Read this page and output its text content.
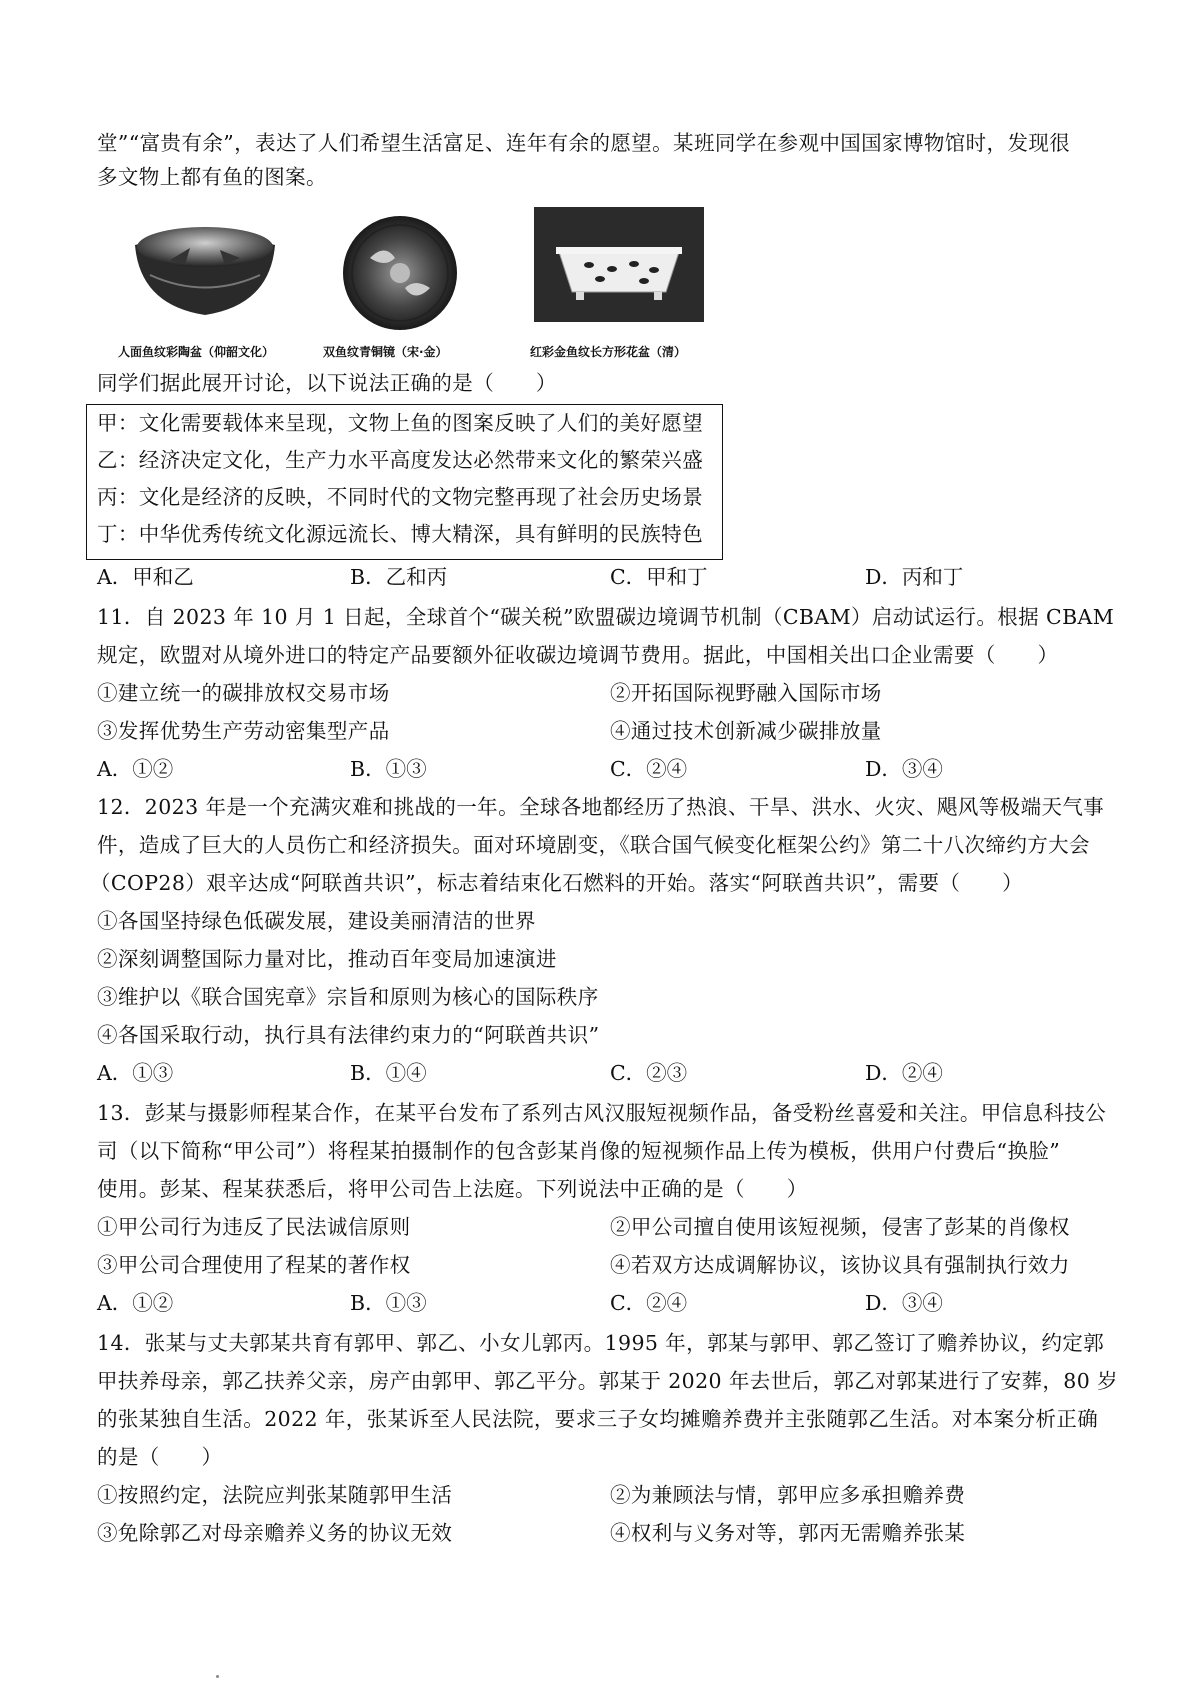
堂”“富贵有余”，表达了人们希望生活富足、连年有余的愿望。某班同学在参观中国国家博物馆时，发现很
多文物上都有鱼的图案。
人面鱼纹彩陶盆（仰韶文化）	双鱼纹青铜镜（宋·金）	红彩金鱼纹长方形花盆（清）
同学们据此展开讨论，以下说法正确的是（　　）
甲：文化需要载体来呈现，文物上鱼的图案反映了人们的美好愿望
乙：经济决定文化，生产力水平高度发达必然带来文化的繁荣兴盛
丙：文化是经济的反映，不同时代的文物完整再现了社会历史场景
丁：中华优秀传统文化源远流长、博大精深，具有鲜明的民族特色
A．甲和乙	B．乙和丙	C．甲和丁	D．丙和丁
11．自 2023 年 10 月 1 日起，全球首个“碳关税”欧盟碳边境调节机制（CBAM）启动试运行。根据 CBAM
规定，欧盟对从境外进口的特定产品要额外征收碳边境调节费用。据此，中国相关出口企业需要（　　）
①建立统一的碳排放权交易市场	②开拓国际视野融入国际市场
③发挥优势生产劳动密集型产品	④通过技术创新减少碳排放量
A．①②	B．①③	C．②④	D．③④
12．2023 年是一个充满灾难和挑战的一年。全球各地都经历了热浪、干旱、洪水、火灾、飓风等极端天气事
件，造成了巨大的人员伤亡和经济损失。面对环境剧变，《联合国气候变化框架公约》第二十八次缔约方大会
（COP28）艰辛达成“阿联酋共识”，标志着结束化石燃料的开始。落实“阿联酋共识”，需要（　　）
①各国坚持绿色低碳发展，建设美丽清洁的世界
②深刻调整国际力量对比，推动百年变局加速演进
③维护以《联合国宪章》宗旨和原则为核心的国际秩序
④各国采取行动，执行具有法律约束力的“阿联酋共识”
A．①③	B．①④	C．②③	D．②④
13．彭某与摄影师程某合作，在某平台发布了系列古风汉服短视频作品，备受粉丝喜爱和关注。甲信息科技公
司（以下简称“甲公司”）将程某拍摄制作的包含彭某肖像的短视频作品上传为模板，供用户付费后“换脸”
使用。彭某、程某获悉后，将甲公司告上法庭。下列说法中正确的是（　　）
①甲公司行为违反了民法诚信原则	②甲公司擅自使用该短视频，侵害了彭某的肖像权
③甲公司合理使用了程某的著作权	④若双方达成调解协议，该协议具有强制执行效力
A．①②	B．①③	C．②④	D．③④
14．张某与丈夫郭某共育有郭甲、郭乙、小女儿郭丙。1995 年，郭某与郭甲、郭乙签订了赡养协议，约定郭
甲扶养母亲，郭乙扶养父亲，房产由郭甲、郭乙平分。郭某于 2020 年去世后，郭乙对郭某进行了安葬，80 岁
的张某独自生活。2022 年，张某诉至人民法院，要求三子女均摊赡养费并主张随郭乙生活。对本案分析正确
的是（　　）
①按照约定，法院应判张某随郭甲生活	②为兼顾法与情，郭甲应多承担赡养费
③免除郭乙对母亲赡养义务的协议无效	④权利与义务对等，郭丙无需赡养张某
